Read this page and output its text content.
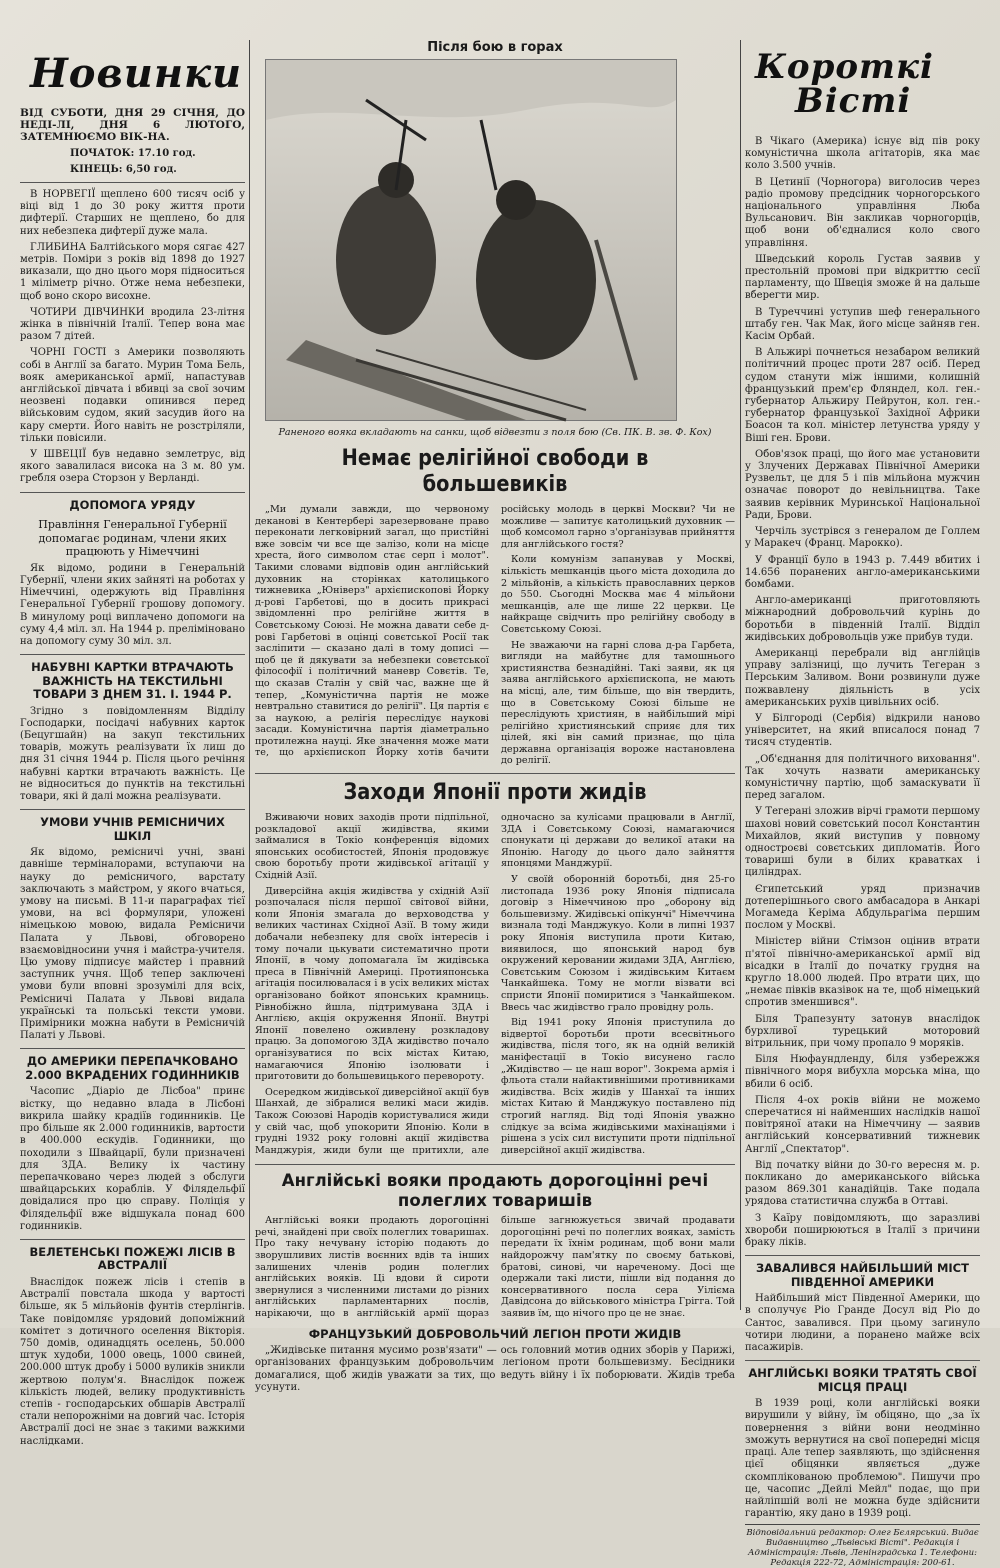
Новинки

ВІД СУБОТИ, ДНЯ 29 СІЧНЯ, ДО НЕДІ-ЛІ, ДНЯ 6 ЛЮТОГО, ЗАТЕМНЮЄМО ВІК-НА.

ПОЧАТОК: 17.10 год.

КІНЕЦЬ: 6,50 год.

В НОРВЕГІЇ щеплено 600 тисяч осіб у віці від 1 до 30 року життя проти дифтерії. Старших не щеплено, бо для них небезпека дифтерії дуже мала.

ГЛИБИНА Балтійського моря сягає 427 метрів. Поміри з років від 1898 до 1927 виказали, що дно цього моря підноситься 1 міліметр річно. Отже нема небезпеки, щоб воно скоро висохне.

ЧОТИРИ ДІВЧИНКИ вродила 23-літня жінка в північній Італії. Тепер вона має разом 7 дітей.

ЧОРНІ ГОСТІ з Америки позволяють собі в Англії за багато. Мурин Тома Бель, вояк американської армії, напастував англійської дівчата і вбивці за свої зочим неозвені подавки опинився перед військовим судом, який засудив його на кару смерти. Його навіть не розстріляли, тільки повісили.

У ШВЕЦІЇ був недавно землетрус, від якого завалилася висока на 3 м. 80 ум. гребля озера Сторзон у Верланді.

ДОПОМОГА УРЯДУ
Правління Генеральної Губернії допомагає родинам, члени яких працюють у Німеччині

Як відомо, родини в Генеральній Губернії, члени яких зайняті на роботах у Німеччині, одержують від Правління Генеральної Губернії грошову допомогу. В минулому році виплачено допомоги на суму 4,4 міл. зл. На 1944 р. преліміновано на допомогу суму 30 міл. зл.

НАБУВНІ КАРТКИ ВТРАЧАЮТЬ ВАЖНІСТЬ НА ТЕКСТИЛЬНІ ТОВАРИ З ДНЕМ 31. І. 1944 Р.

Згідно з повідомленням Відділу Господарки, посідачі набувних карток (Бецугшайн) на закуп текстильних товарів, можуть реалізувати їх лиш до дня 31 січня 1944 р. Після цього речіння набувні картки втрачають важність. Це не відноситься до пунктів на текстильні товари, які й далі можна реалізувати.

УМОВИ УЧНІВ РЕМІСНИЧИХ ШКІЛ

Як відомо, ремісничі учні, звані давніше терміналорами, вступаючи на науку до ремісничого, варстату заключають з майстром, у якого вчаться, умову на письмі. В 11-и параграфах тієї умови, на всі формуляри, уложені німецькою мовою, видала Ремісничи Палата у Львові, обговорено взаємовідносини учня і майстра-учителя. Цю умову підписує майстер і правний заступник учня. Щоб тепер заключені умови були вповні зрозумілі для всіх, Ремісничі Палата у Львові видала українські та польські тексти умови. Примірники можна набути в Ремісничій Палаті у Львові.

ДО АМЕРИКИ ПЕРЕПАЧКОВАНО 2.000 ВКРАДЕНИХ ГОДИННИКІВ

Часопис „Діаріо де Лісбоа" принє вістку, що недавно влада в Лісбоні викрила шайку крадіїв годинників. Це про більше як 2.000 годинників, вартости в 400.000 ескудів. Годинники, що походили з Швайцарії, були призначені для ЗДА. Велику іх частину перепачковано через людей з обслуги швайцарських кораблів. У Філядельфії довідалися про цю справу. Поліція у Філядельфії вже відшукала понад 600 годинників.

ВЕЛЕТЕНСЬКІ ПОЖЕЖІ ЛІСІВ В АВСТРАЛІЇ

Внаслідок пожеж лісів і степів в Австралії повстала шкода у вартості більше, як 5 мільйонів фунтів стерлінгів. Таке повідомляє урядовий допоміжний комітет з дотичного оселення Вікторія. 750 домів, одинадцять оселень, 50.000 штук худоби, 1000 овець, 1000 свиней, 200.000 штук дробу і 5000 вуликів зникли жертвою полум'я. Внаслідок пожеж кількість людей, велику продуктивність степів - господарських обшарів Австралії стали непорожніми на довгий час. Історія Австралії досі не знає з такими важкими наслідками.

Після бою в горах
Раненого вояка вкладають на санки, щоб відвезти з поля бою (Св. ПК. В. зв. Ф. Кох)
Немає релігійної свободи в большевиків

„Ми думали завжди, що червоному деканові в Кентербері зарезервоване право переконати легковірний загал, що пристійні вже зовсім чи все ще залізо, коли на місце хреста, його символом стає серп і молот". Такими словами відповів один англійський духовник на сторінках католицького тижневика „Юніверз" архієпископові Йорку д-рові Гарбетові, що в досить прикрасі звідомленні про релігійне життя в Совєтському Союзі. Не можна давати себе д-рові Гарбетові в оцінці совєтської Росії так засліпити — сказано далі в тому дописі — щоб це й дякувати за небезпеки совєтської філософії і політичний маневр Совєтів. Те, що сказав Сталін у свій час, важне ще й тепер, „Комуністична партія не може невтрально ставитися до релігії". Ця партія є за наукою, а релігія переслідує наукові засади. Комуністична партія діаметрально протилежна науці. Яке значення може мати те, що архієпископ Йорку хотів бачити російську молодь в церкві Москви? Чи не можливе — запитує католицький духовник — щоб комсомол гарно з'організував прийняття для англійського гостя?

Коли комунізм запанував у Москві, кількість мешканців цього міста доходила до 2 мільйонів, а кількість православних церков до 550. Сьогодні Москва має 4 мільйони мешканців, але ще лише 22 церкви. Це найкраще свідчить про релігійну свободу в Совєтському Союзі.

Не зважаючи на гарні слова д-ра Гарбета, вигляди на майбутнє для тамошнього християнства безнадійні. Такі заяви, як ця заява англійського архієпископа, не мають на місці, але, тим більше, що він твердить, що в Совєтському Союзі більше не переслідують християн, в найбільший мірі релігійно християнський сприяє для тих цілей, які він самий признає, що ціла державна організація вороже настановлена до релігії.

Заходи Японії проти жидів

Вживаючи нових заходів проти підпільної, розкладової акції жидівства, якими займалися в Токіо конференція відомих японських особистостей, Японія продовжує свою боротьбу проти жидівської агітації у Східній Азії.

Диверсійна акція жидівства у східній Азії розпочалася після першої світової війни, коли Японія змагала до верховодства у великих частинах Східної Азії. В тому жиди добачали небезпеку для своїх інтересів і тому почали цькувати систематично проти Японії, в чому допомагала їм жидівська преса в Північній Америці. Протияпонська агітація посилювалася і в усіх великих містах організовано бойкот японських крамниць. Рівнобіжно йшла, підтримувана ЗДА і Англією, акція окруження Японії. Внутрі Японії повелено оживлену розкладову працю. За допомогою ЗДА жидівство почало організуватися по всіх містах Китаю, намагаючися Японію ізолювати і приготовити до большевицького перевороту.

Осередком жидівської диверсійної акції був Шанхай, де зібралися великі маси жидів. Також Союзові Народів користувалися жиди у свій час, щоб упокорити Японію. Коли в грудні 1932 року головні акції жидівства Манджурія, жиди були ще притихли, але одночасно за кулісами працювали в Англії, ЗДА і Совєтському Союзі, намагаючися спонукати ці держави до великої атаки на Японію. Нагоду до цього дало зайняття японцями Манджурії.

У своїй оборонній боротьбі, дня 25-го листопада 1936 року Японія підписала договір з Німеччиною про „оборону від большевизму. Жидівські опікунчі" Німеччина визнала тоді Манджукуо. Коли в липні 1937 року Японія виступила проти Китаю, виявилося, що японський народ був окружений керовании жидами ЗДА, Англією, Совєтським Союзом і жидівським Китаєм Чанкайшека. Тому не могли візвати всі спристи Японії помиритися з Чанкайшеком. Ввесь час жидівство грало провідну роль.

Від 1941 року Японія приступила до відвертої боротьби проти всесвітнього жидівства, після того, як на одній великій маніфестації в Токіо висунено гасло „Жидівство — це наш ворог". Зокрема армія і фльота стали найактивнішими противниками жидівства. Всіх жидів у Шанхаї та інших містах Китаю й Манджукуо поставлено під строгий нагляд. Від тоді Японія уважно слідкує за всіма жидівськими махінаціями і рішена з усіх сил виступити проти підпільної диверсійної акції жидівства.

Англійські вояки продають дорогоцінні речі полеглих товаришів

Англійські вояки продають дорогоцінні речі, знайдені при своїх полеглих товаришах. Про таку нечувану історію подають до зворушливих листів воєнних вдів та інших залишених членів родин полеглих англійських вояків. Ці вдови й сироти звернулися з численними листами до різних англійських парламентарних послів, нарікаючи, що в англійській армії щораз більше загнюжується звичай продавати дорогоцінні речі по полеглих вояках, замість передати їх їхнім родинам, щоб вони мали найдорожчу пам'ятку по своєму батькові, братові, синові, чи нареченому. Досі ще одержали такі листи, пішли від подання до консервативного посла сера Уілієма Давідсона до військового міністра Грігга. Той заявив їм, що нічого про це не знає.

ФРАНЦУЗЬКИЙ ДОБРОВОЛЬЧИЙ ЛЕГІОН ПРОТИ ЖИДІВ

„Жидівське питання мусимо розв'язати" — ось головний мотив одних зборів у Парижі, організованих французьким добровольчим легіоном проти большевизму. Бесідники домагалися, щоб жидів уважати за тих, що ведуть війну і їх поборювати. Жидів треба усунути.

Короткі
Вісті

В Чікаго (Америка) існує від пів року комуністична школа агітаторів, яка має коло 3.500 учнів.

В Цетинії (Чорногора) виголосив через радіо промову предсідник чорногорського національного управління Люба Вульсанович. Він закликав чорногорців, щоб вони об'єдналися коло свого управління.

Шведський король Густав заявив у престольній промові при відкриттю сесії парламенту, що Швеція зможе й на дальше вберегти мир.

В Туреччині уступив шеф генерального штабу ген. Чак Мак, його місце зайняв ген. Касім Орбай.

В Альжирі почнеться незабаром великий політичний процес проти 287 осіб. Перед судом станути між іншими, колишній французький прем'єр Фляндел, кол. ген.-губернатор Альжиру Пейрутон, кол. ген.-губернатор французької Західної Африки Боасон та кол. міністер летунства уряду у Віші ген. Брови.

Обов'язок праці, що його має установити у Злучених Державах Північної Америки Рузвельт, це для 5 і пів мільйона мужчин означає поворот до невільництва. Таке заявив керівник Муринської Національної Ради, Брови.

Черчіль зустрівся з генералом де Голлем у Маракеч (Франц. Марокко).

У Франції було в 1943 р. 7.449 вбитих і 14.656 поранених англо-американськими бомбами.

Англо-американці приготовляють міжнародний добровольчий курінь до боротьби в південній Італії. Відділ жидівських добровольців уже прибув туди.

Американці перебрали від англійців управу залізниці, що лучить Тегеран з Перським Заливом. Вони розвинули дуже пожвавлену діяльність в усіх американських рухів цивільних осіб.

У Білгороді (Сербія) відкрили наново університет, на який вписалося понад 7 тисяч студентів.

„Об'єднання для політичного виховання". Так хочуть назвати американську комуністичну партію, щоб замаскувати її перед загалом.

У Тегерані зложив вірчі грамоти першому шахові новий совєтський посол Константин Михайлов, який виступив у повному одностроєві совєтських дипломатів. Його товариші були в білих краватках і циліндрах.

Єгипетський уряд призначив дотеперішнього свого амбасадора в Анкарі Могамеда Керіма Абдульрагіма першим послом у Москві.

Міністер війни Стімзон оцінив втрати п'ятої північно-американської армії від вісадки в Італії до початку грудня на круглo 18.000 людей. Про втрати цих, що „немає півків вказівок на те, щоб німецький спротив зменшився".

Біля Трапезунту затонув внаслідок бурхливої турецький моторовий вітрильник, при чому пропало 9 моряків.

Біля Нюфаундленду, біля узбережжя північного моря вибухла морська міна, що вбили 6 осіб.

Після 4-ох років війни не можемо сперечатися ні найменших наслідків нашої повітряної атаки на Німеччину — заявив англійський консервативний тижневик Англії „Спектатор".

Від початку війни до 30-го вересня м. р. покликано до американського війська разом 869.301 канадійців. Таке подала урядова статистична служба в Оттаві.

З Каїру повідомляють, що заразливі хвороби поширюються в Італії з причини браку ліків.

ЗАВАЛИВСЯ НАЙБІЛЬШИЙ МІСТ ПІВДЕННОЇ АМЕРИКИ

Найбільший міст Південної Америки, що в сполучує Ріо Гранде Досул від Ріо до Сантос, завалився. При цьому загинуло чотири людини, а поранено майже всіх пасажирів.

АНГЛІЙСЬКІ ВОЯКИ ТРАТЯТЬ СВОЇ МІСЦЯ ПРАЦІ

В 1939 році, коли англійські вояки вирушили у війну, їм обіцяно, що „за їх повернення з війни вони неодмінно зможуть вернутися на свої попередні місця праці. Але тепер заявляють, що здійснення цієї обіцянки являється „дуже скомплікованою проблемою". Пишучи про це, часопис „Дейлі Мейл" подає, що при найліпшій волі не можна буде здійснити гарантію, яку дано в 1939 році.

Відповідальний редактор: Олег Бєлярський. Видає Видавництво „Львівські Вісті". Редакція і Адміністрація: Львів, Ленінградська 1. Телефони: Редакція 222-72, Адміністрація: 200-61.
